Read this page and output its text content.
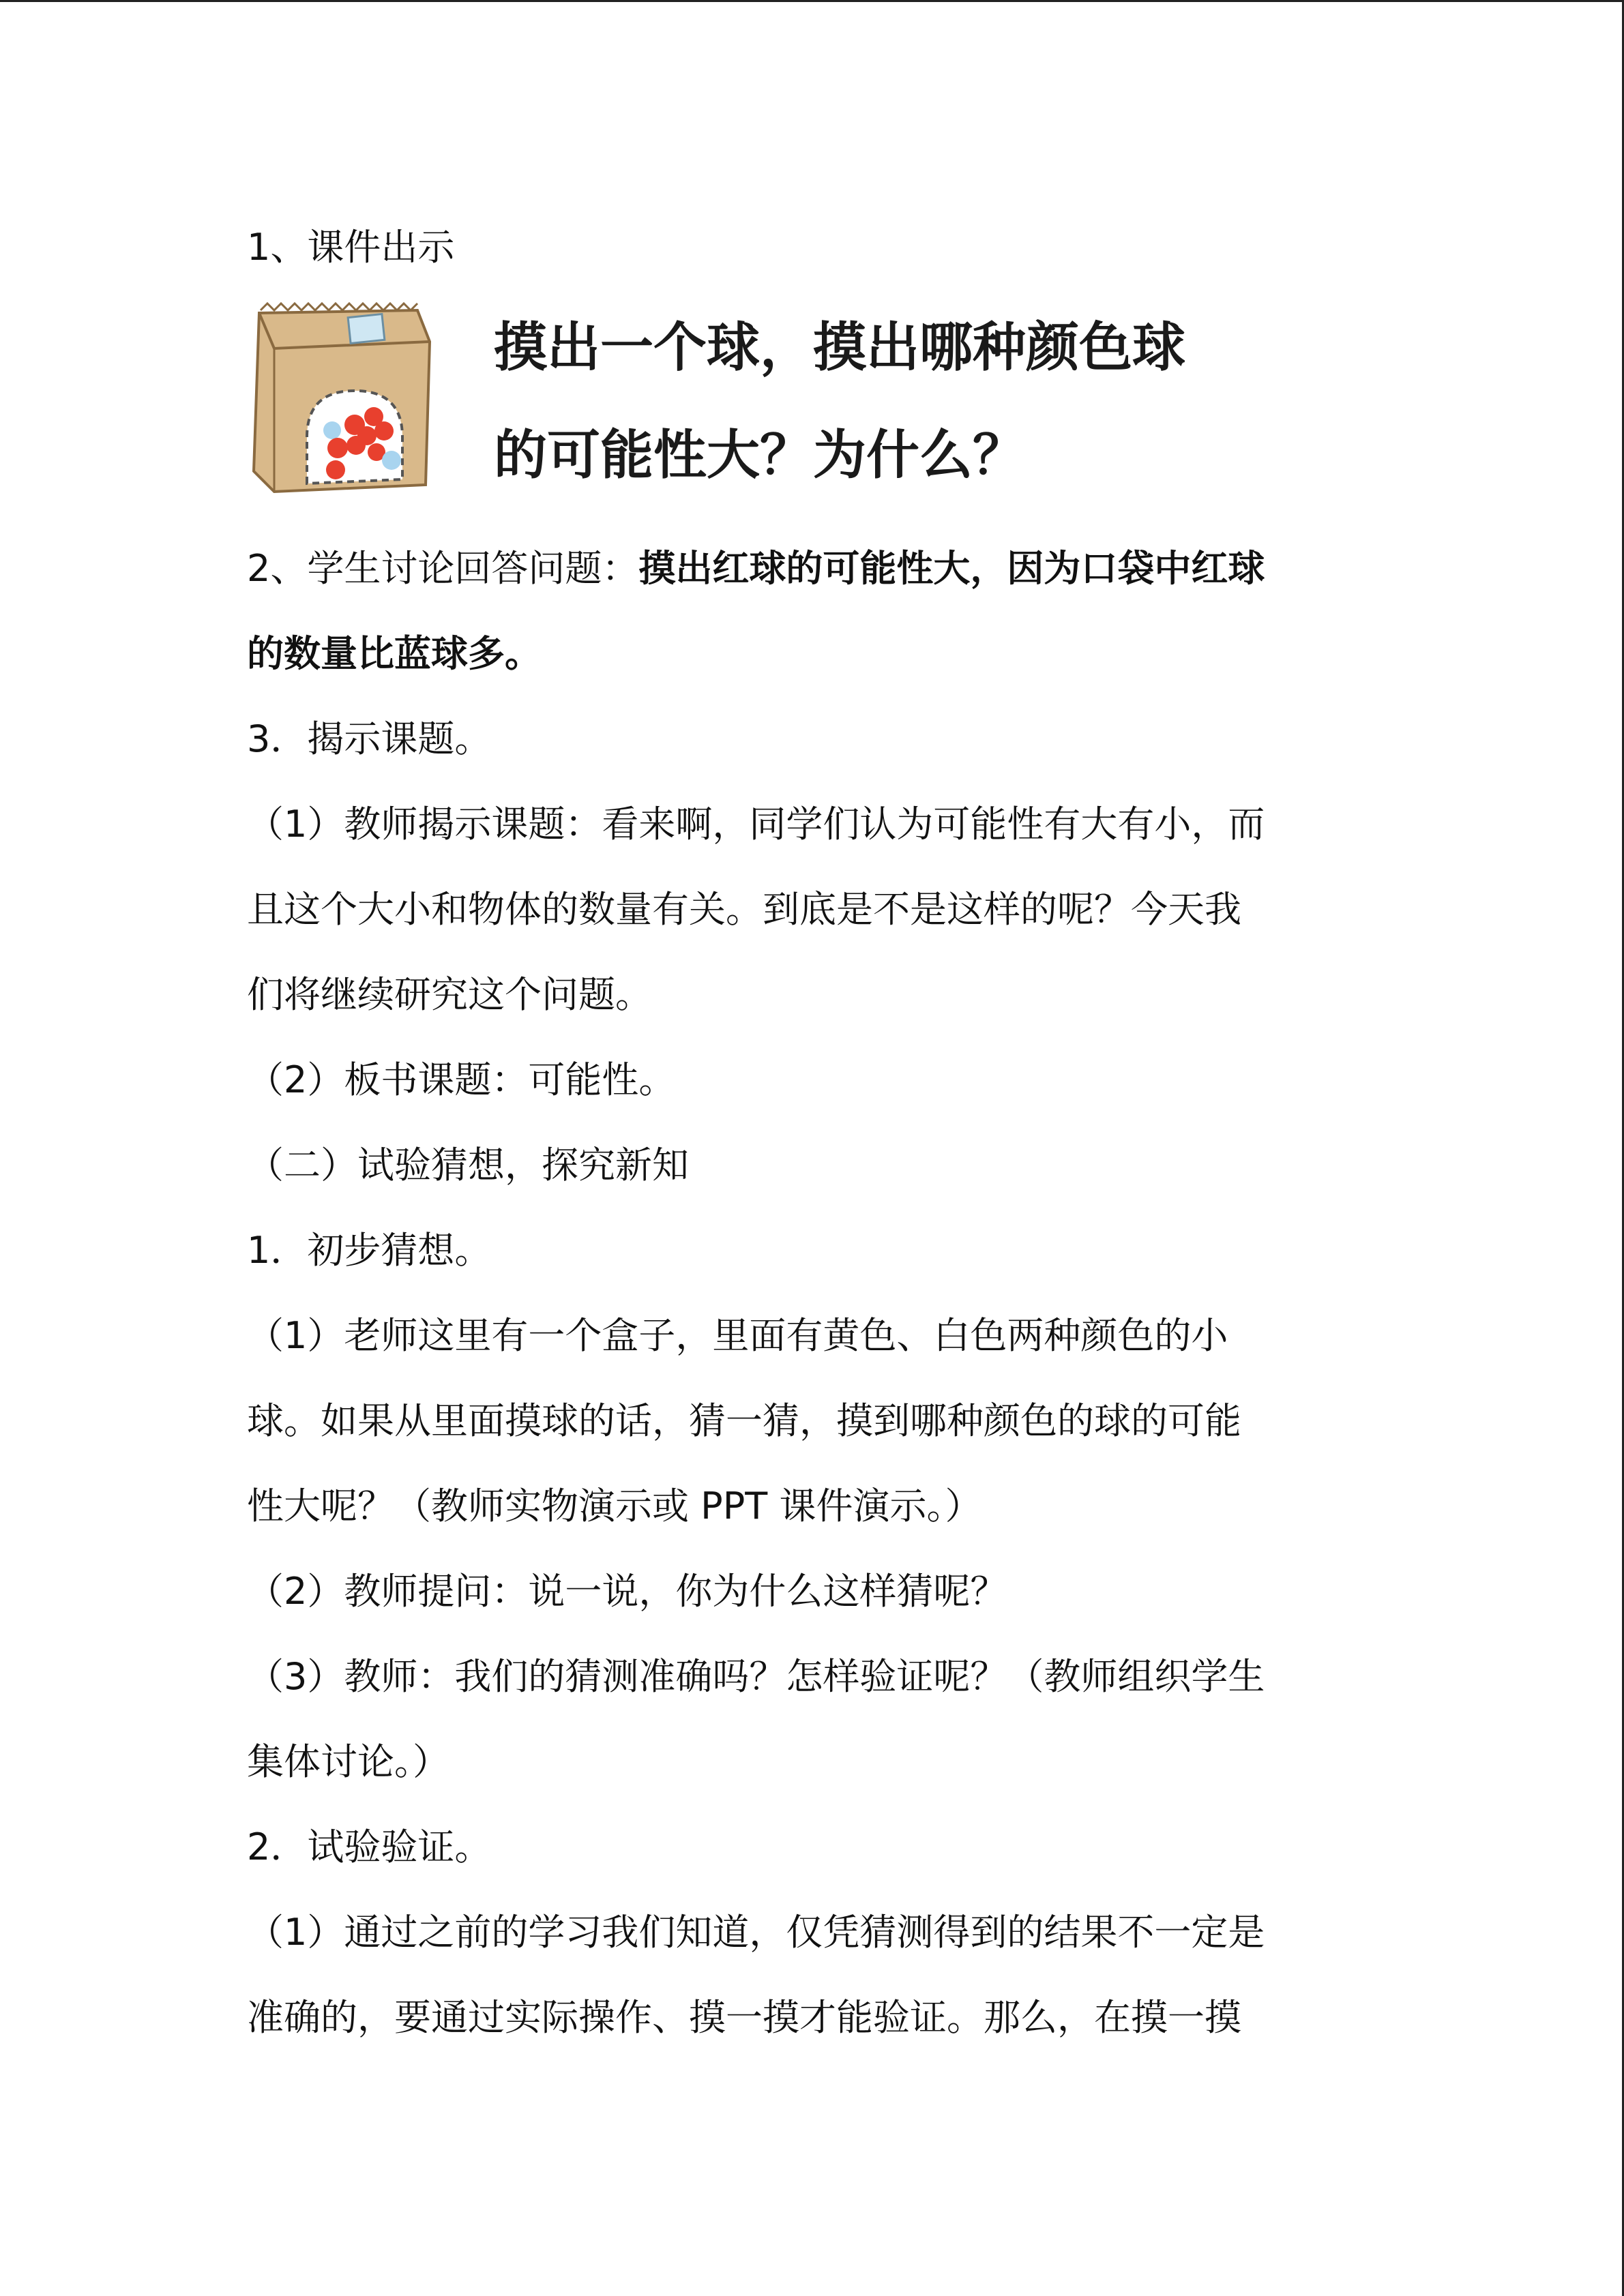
1、课件出示

摸出一个球，摸出哪种颜色球
的可能性大？为什么？

2、学生讨论回答问题：摸出红球的可能性大，因为口袋中红球

的数量比蓝球多。

3．揭示课题。

（1）教师揭示课题：看来啊，同学们认为可能性有大有小，而

且这个大小和物体的数量有关。到底是不是这样的呢？今天我

们将继续研究这个问题。

（2）板书课题：可能性。

（二）试验猜想，探究新知

1．初步猜想。

（1）老师这里有一个盒子，里面有黄色、白色两种颜色的小

球。如果从里面摸球的话，猜一猜，摸到哪种颜色的球的可能

性大呢？（教师实物演示或 PPT 课件演示。）

（2）教师提问：说一说，你为什么这样猜呢？

（3）教师：我们的猜测准确吗？怎样验证呢？（教师组织学生

集体讨论。）

2．试验验证。

（1）通过之前的学习我们知道，仅凭猜测得到的结果不一定是

准确的，要通过实际操作、摸一摸才能验证。那么，在摸一摸
